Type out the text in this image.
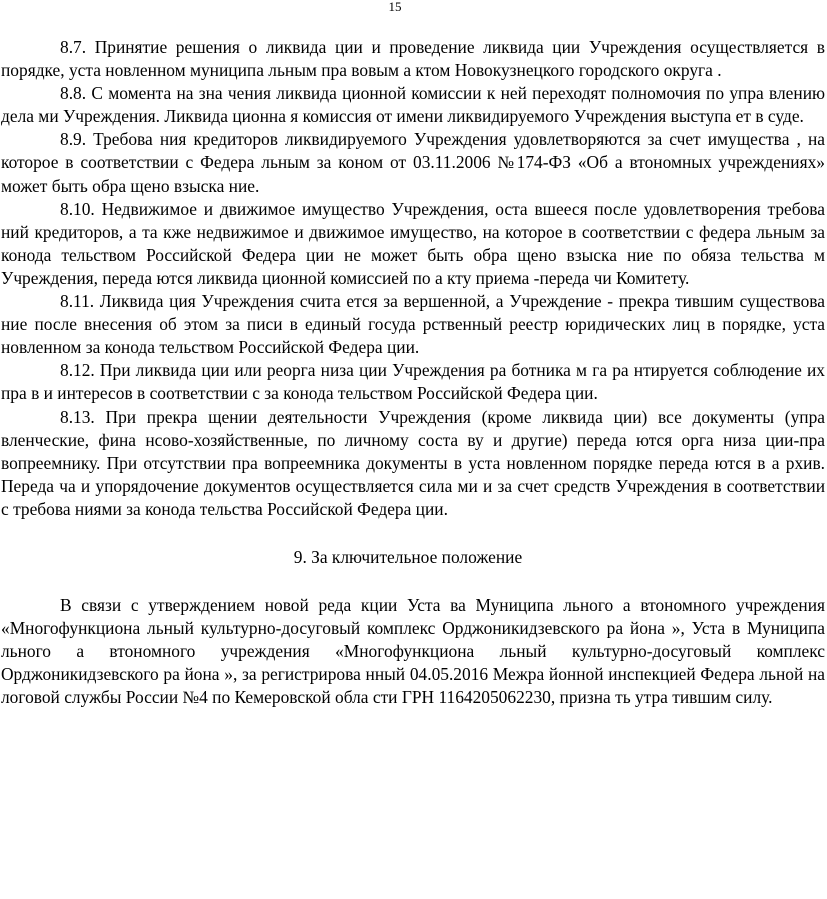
15

8.7. Принятие решения о ликвида ции и проведение ликвида ции Учреждения осуществляется в порядке, уста новленном муниципа льным пра вовым а ктом Новокузнецкого городского округа .

8.8. С момента на зна чения ликвида ционной комиссии к ней переходят полномочия по упра влению дела ми Учреждения. Ликвида ционна я комиссия от имени ликвидируемого Учреждения выступа ет в суде.

8.9. Требова ния кредиторов ликвидируемого Учреждения удовлетворяются за счет имуществa , на которое в соответствии с Федера льным за коном от 03.11.2006 №174-ФЗ «Об а втономных учреждениях» может быть обра щено взыска ние.

8.10. Недвижимое и движимое имущество Учреждения, оста вшееся после удовлетворения требова ний кредиторов, а та кже недвижимое и движимое имущество, на которое в соответствии с федера льным за конода тельством Российской Федера ции не может быть обра щено взыска ние по обяза тельства м Учреждения, переда ются ликвида ционной комиссией по а кту приема -переда чи Комитету.

8.11. Ликвида ция Учреждения счита ется за вершенной, а Учреждение - прекра тившим существова ние после внесения об этом за писи в единый госуда рственный реестр юридических лиц в порядке, уста новленном за конода тельством Российской Федера ции.

8.12. При ликвида ции или реорга низа ции Учреждения ра ботника м га ра нтируется соблюдение их пра в и интересов в соответствии с за конода тельством Российской Федера ции.

8.13. При прекра щении деятельности Учреждения (кроме ликвида ции) все документы (упра вленческие, фина нсово-хозяйственные, по личному соста ву и другие) переда ются орга низа ции-пра вопреемнику. При отсутствии пра вопреемника документы в уста новленном порядке переда ются в а рхив. Переда ча и упорядочение документов осуществляется сила ми и за счет средств Учреждения в соответствии с требова ниями за конода тельства Российской Федера ции.

9. За ключительное положение

В связи с утверждением новой реда кции Уста ва Муниципа льного а втономного учреждения «Многофункциона льный культурно-досуговый комплекс Орджоникидзевского ра йона », Уста в Муниципа льного а втономного учреждения «Многофункциона льный культурно-досуговый комплекс Орджоникидзевского ра йона », за регистрирова нный 04.05.2016 Межра йонной инспекцией Федера льной на логовой службы России №4 по Кемеровской обла сти ГРН 1164205062230, призна ть утра тившим силу.
